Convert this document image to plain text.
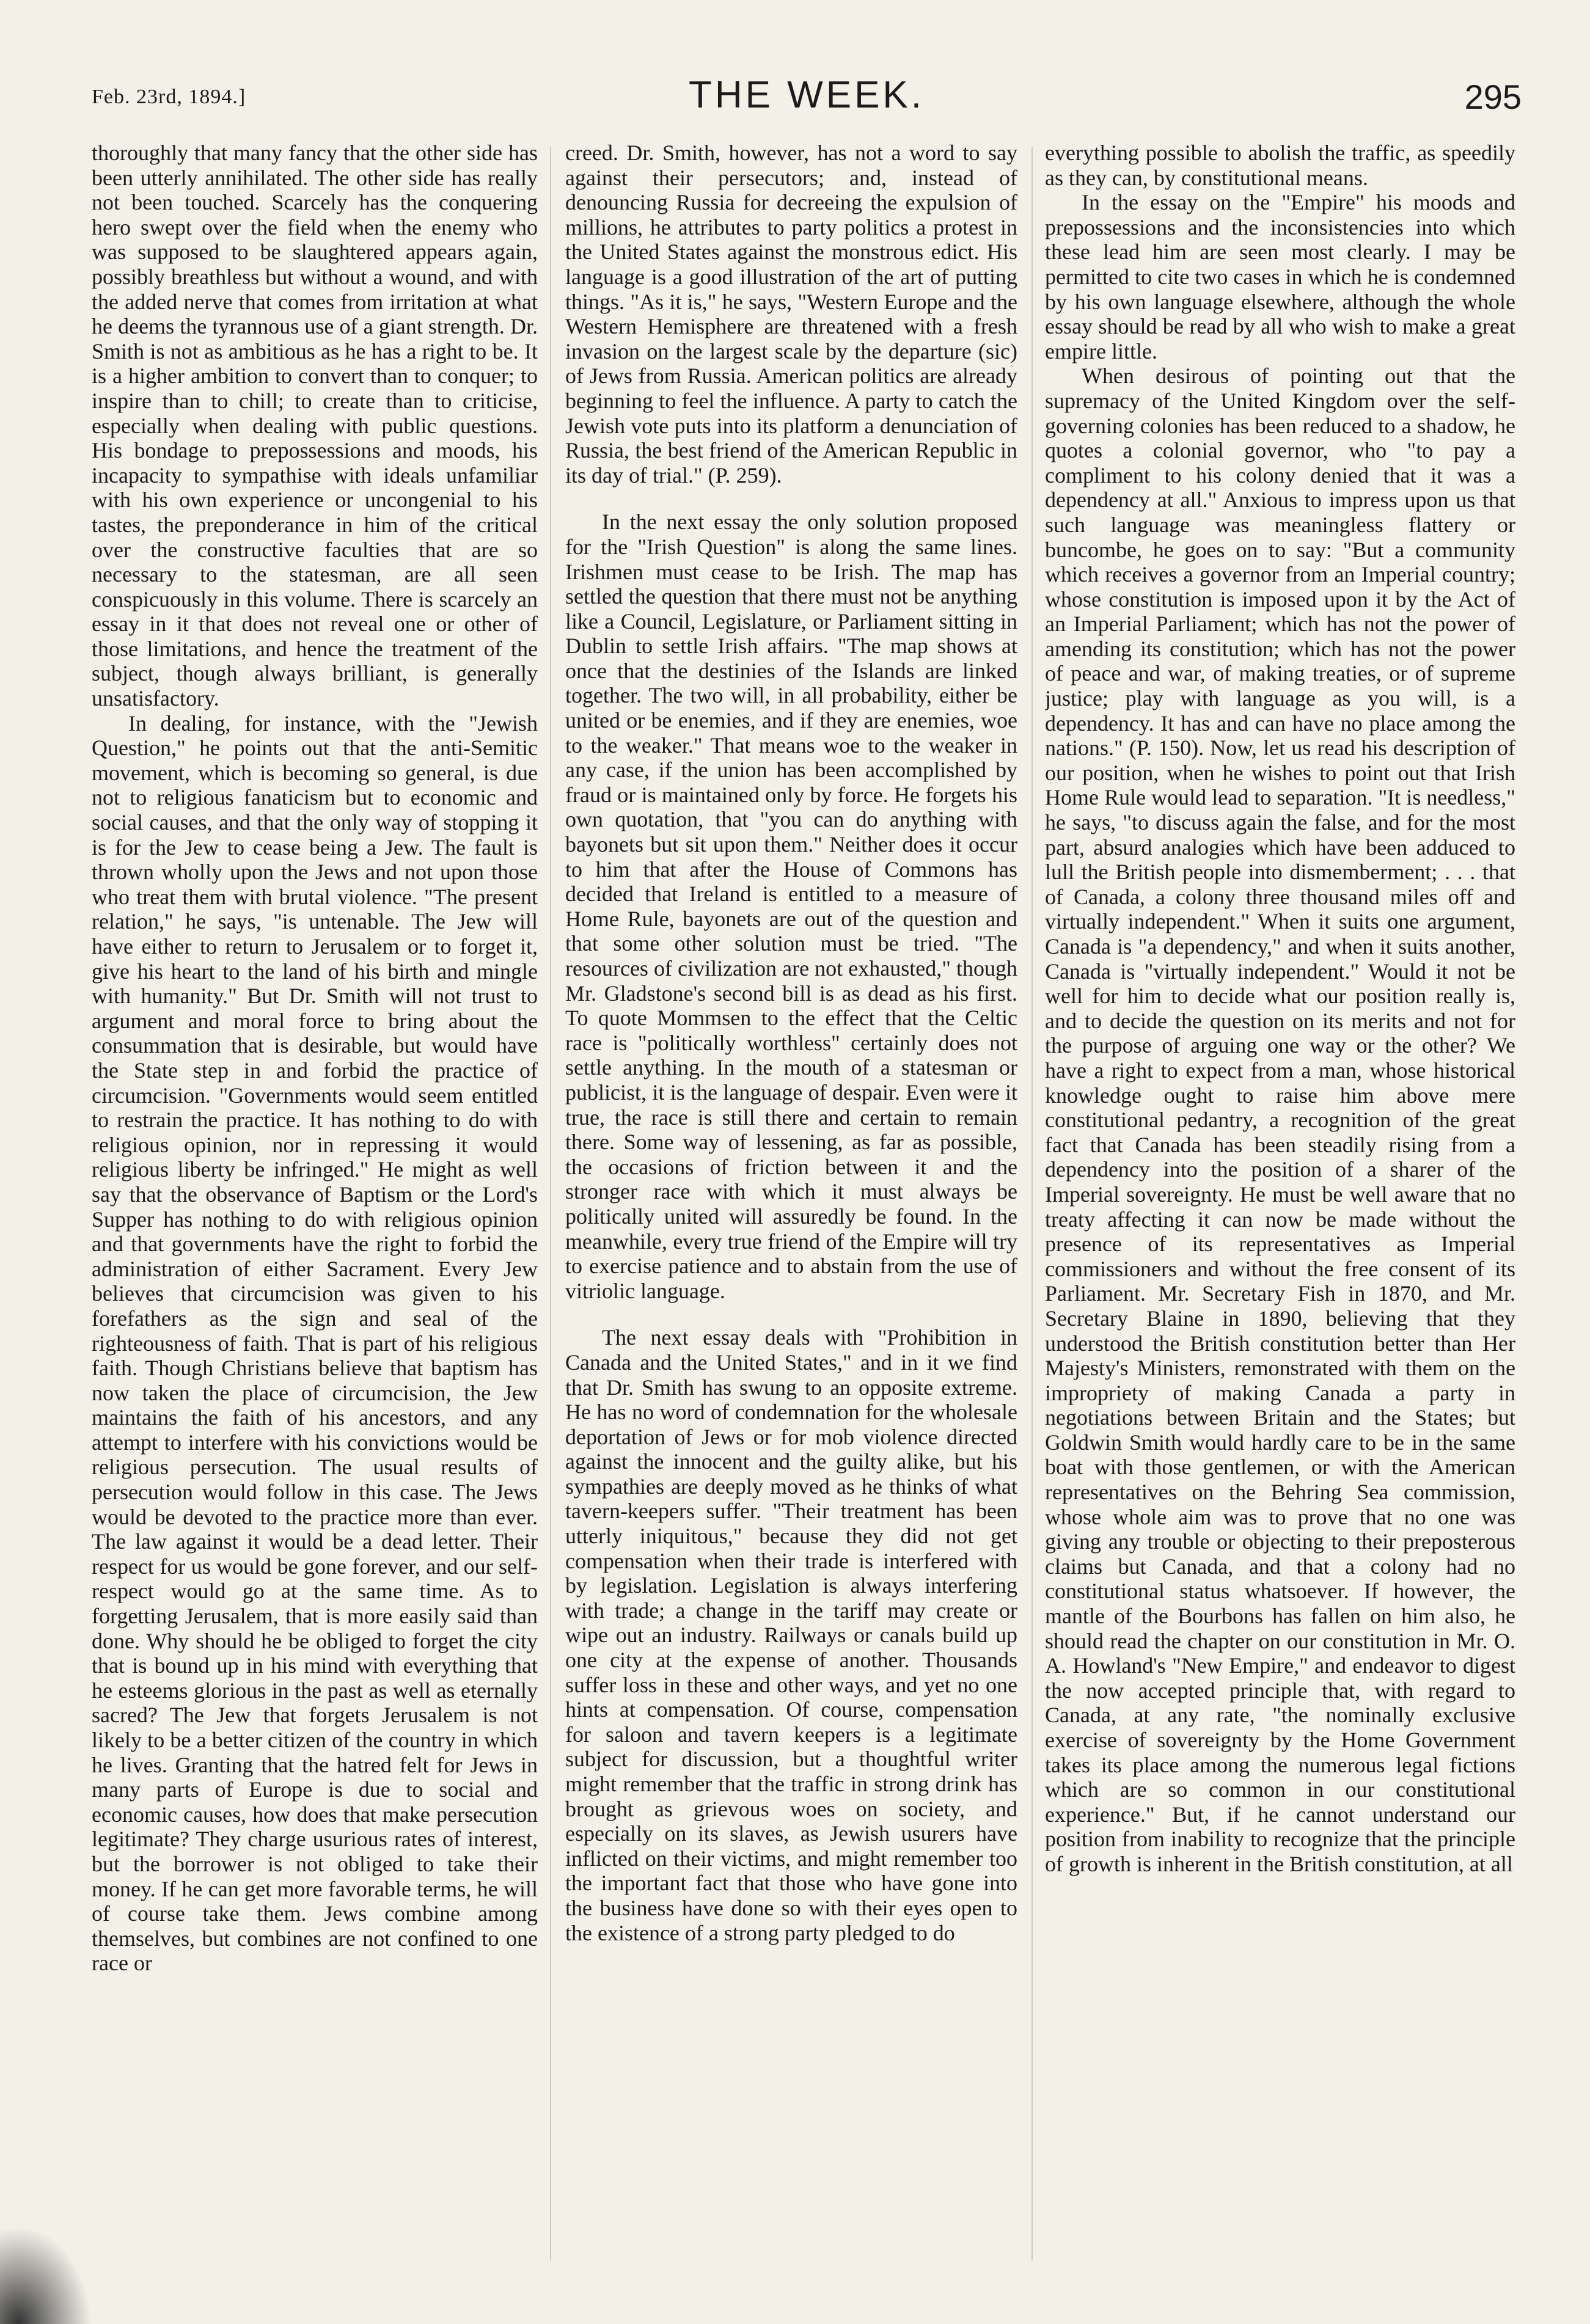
Feb. 23rd, 1894.]	THE WEEK.	295

thoroughly that many fancy that the other side has been utterly annihilated. The other side has really not been touched. Scarcely has the conquering hero swept over the field when the enemy who was supposed to be slaughtered appears again, possibly breathless but without a wound, and with the added nerve that comes from irritation at what he deems the tyrannous use of a giant strength. Dr. Smith is not as ambitious as he has a right to be. It is a higher ambition to convert than to conquer; to inspire than to chill; to create than to criticise, especially when dealing with public questions. His bondage to prepossessions and moods, his incapacity to sympathise with ideals unfamiliar with his own experience or uncongenial to his tastes, the preponderance in him of the critical over the constructive faculties that are so necessary to the statesman, are all seen conspicuously in this volume. There is scarcely an essay in it that does not reveal one or other of those limitations, and hence the treatment of the subject, though always brilliant, is generally unsatisfactory.

In dealing, for instance, with the "Jewish Question," he points out that the anti-Semitic movement, which is becoming so general, is due not to religious fanaticism but to economic and social causes, and that the only way of stopping it is for the Jew to cease being a Jew. The fault is thrown wholly upon the Jews and not upon those who treat them with brutal violence. "The present relation," he says, "is untenable. The Jew will have either to return to Jerusalem or to forget it, give his heart to the land of his birth and mingle with humanity." But Dr. Smith will not trust to argument and moral force to bring about the consummation that is desirable, but would have the State step in and forbid the practice of circumcision. "Governments would seem entitled to restrain the practice. It has nothing to do with religious opinion, nor in repressing it would religious liberty be infringed." He might as well say that the observance of Baptism or the Lord's Supper has nothing to do with religious opinion and that governments have the right to forbid the administration of either Sacrament. Every Jew believes that circumcision was given to his forefathers as the sign and seal of the righteousness of faith. That is part of his religious faith. Though Christians believe that baptism has now taken the place of circumcision, the Jew maintains the faith of his ancestors, and any attempt to interfere with his convictions would be religious persecution. The usual results of persecution would follow in this case. The Jews would be devoted to the practice more than ever. The law against it would be a dead letter. Their respect for us would be gone forever, and our self-respect would go at the same time. As to forgetting Jerusalem, that is more easily said than done. Why should he be obliged to forget the city that is bound up in his mind with everything that he esteems glorious in the past as well as eternally sacred? The Jew that forgets Jerusalem is not likely to be a better citizen of the country in which he lives. Granting that the hatred felt for Jews in many parts of Europe is due to social and economic causes, how does that make persecution legitimate? They charge usurious rates of interest, but the borrower is not obliged to take their money. If he can get more favorable terms, he will of course take them. Jews combine among themselves, but combines are not confined to one race or

creed. Dr. Smith, however, has not a word to say against their persecutors; and, instead of denouncing Russia for decreeing the expulsion of millions, he attributes to party politics a protest in the United States against the monstrous edict. His language is a good illustration of the art of putting things. "As it is," he says, "Western Europe and the Western Hemisphere are threatened with a fresh invasion on the largest scale by the departure (sic) of Jews from Russia. American politics are already beginning to feel the influence. A party to catch the Jewish vote puts into its platform a denunciation of Russia, the best friend of the American Republic in its day of trial." (P. 259).

In the next essay the only solution proposed for the "Irish Question" is along the same lines. Irishmen must cease to be Irish. The map has settled the question that there must not be anything like a Council, Legislature, or Parliament sitting in Dublin to settle Irish affairs. "The map shows at once that the destinies of the Islands are linked together. The two will, in all probability, either be united or be enemies, and if they are enemies, woe to the weaker." That means woe to the weaker in any case, if the union has been accomplished by fraud or is maintained only by force. He forgets his own quotation, that "you can do anything with bayonets but sit upon them." Neither does it occur to him that after the House of Commons has decided that Ireland is entitled to a measure of Home Rule, bayonets are out of the question and that some other solution must be tried. "The resources of civilization are not exhausted," though Mr. Gladstone's second bill is as dead as his first. To quote Mommsen to the effect that the Celtic race is "politically worthless" certainly does not settle anything. In the mouth of a statesman or publicist, it is the language of despair. Even were it true, the race is still there and certain to remain there. Some way of lessening, as far as possible, the occasions of friction between it and the stronger race with which it must always be politically united will assuredly be found. In the meanwhile, every true friend of the Empire will try to exercise patience and to abstain from the use of vitriolic language.

The next essay deals with "Prohibition in Canada and the United States," and in it we find that Dr. Smith has swung to an opposite extreme. He has no word of condemnation for the wholesale deportation of Jews or for mob violence directed against the innocent and the guilty alike, but his sympathies are deeply moved as he thinks of what tavern-keepers suffer. "Their treatment has been utterly iniquitous," because they did not get compensation when their trade is interfered with by legislation. Legislation is always interfering with trade; a change in the tariff may create or wipe out an industry. Railways or canals build up one city at the expense of another. Thousands suffer loss in these and other ways, and yet no one hints at compensation. Of course, compensation for saloon and tavern keepers is a legitimate subject for discussion, but a thoughtful writer might remember that the traffic in strong drink has brought as grievous woes on society, and especially on its slaves, as Jewish usurers have inflicted on their victims, and might remember too the important fact that those who have gone into the business have done so with their eyes open to the existence of a strong party pledged to do

everything possible to abolish the traffic, as speedily as they can, by constitutional means.

In the essay on the "Empire" his moods and prepossessions and the inconsistencies into which these lead him are seen most clearly. I may be permitted to cite two cases in which he is condemned by his own language elsewhere, although the whole essay should be read by all who wish to make a great empire little.

When desirous of pointing out that the supremacy of the United Kingdom over the self-governing colonies has been reduced to a shadow, he quotes a colonial governor, who "to pay a compliment to his colony denied that it was a dependency at all." Anxious to impress upon us that such language was meaningless flattery or buncombe, he goes on to say: "But a community which receives a governor from an Imperial country; whose constitution is imposed upon it by the Act of an Imperial Parliament; which has not the power of amending its constitution; which has not the power of peace and war, of making treaties, or of supreme justice; play with language as you will, is a dependency. It has and can have no place among the nations." (P. 150). Now, let us read his description of our position, when he wishes to point out that Irish Home Rule would lead to separation. "It is needless," he says, "to discuss again the false, and for the most part, absurd analogies which have been adduced to lull the British people into dismemberment; . . . that of Canada, a colony three thousand miles off and virtually independent." When it suits one argument, Canada is "a dependency," and when it suits another, Canada is "virtually independent." Would it not be well for him to decide what our position really is, and to decide the question on its merits and not for the purpose of arguing one way or the other? We have a right to expect from a man, whose historical knowledge ought to raise him above mere constitutional pedantry, a recognition of the great fact that Canada has been steadily rising from a dependency into the position of a sharer of the Imperial sovereignty. He must be well aware that no treaty affecting it can now be made without the presence of its representatives as Imperial commissioners and without the free consent of its Parliament. Mr. Secretary Fish in 1870, and Mr. Secretary Blaine in 1890, believing that they understood the British constitution better than Her Majesty's Ministers, remonstrated with them on the impropriety of making Canada a party in negotiations between Britain and the States; but Goldwin Smith would hardly care to be in the same boat with those gentlemen, or with the American representatives on the Behring Sea commission, whose whole aim was to prove that no one was giving any trouble or objecting to their preposterous claims but Canada, and that a colony had no constitutional status whatsoever. If however, the mantle of the Bourbons has fallen on him also, he should read the chapter on our constitution in Mr. O. A. Howland's "New Empire," and endeavor to digest the now accepted principle that, with regard to Canada, at any rate, "the nominally exclusive exercise of sovereignty by the Home Government takes its place among the numerous legal fictions which are so common in our constitutional experience." But, if he cannot understand our position from inability to recognize that the principle of growth is inherent in the British constitution, at all
